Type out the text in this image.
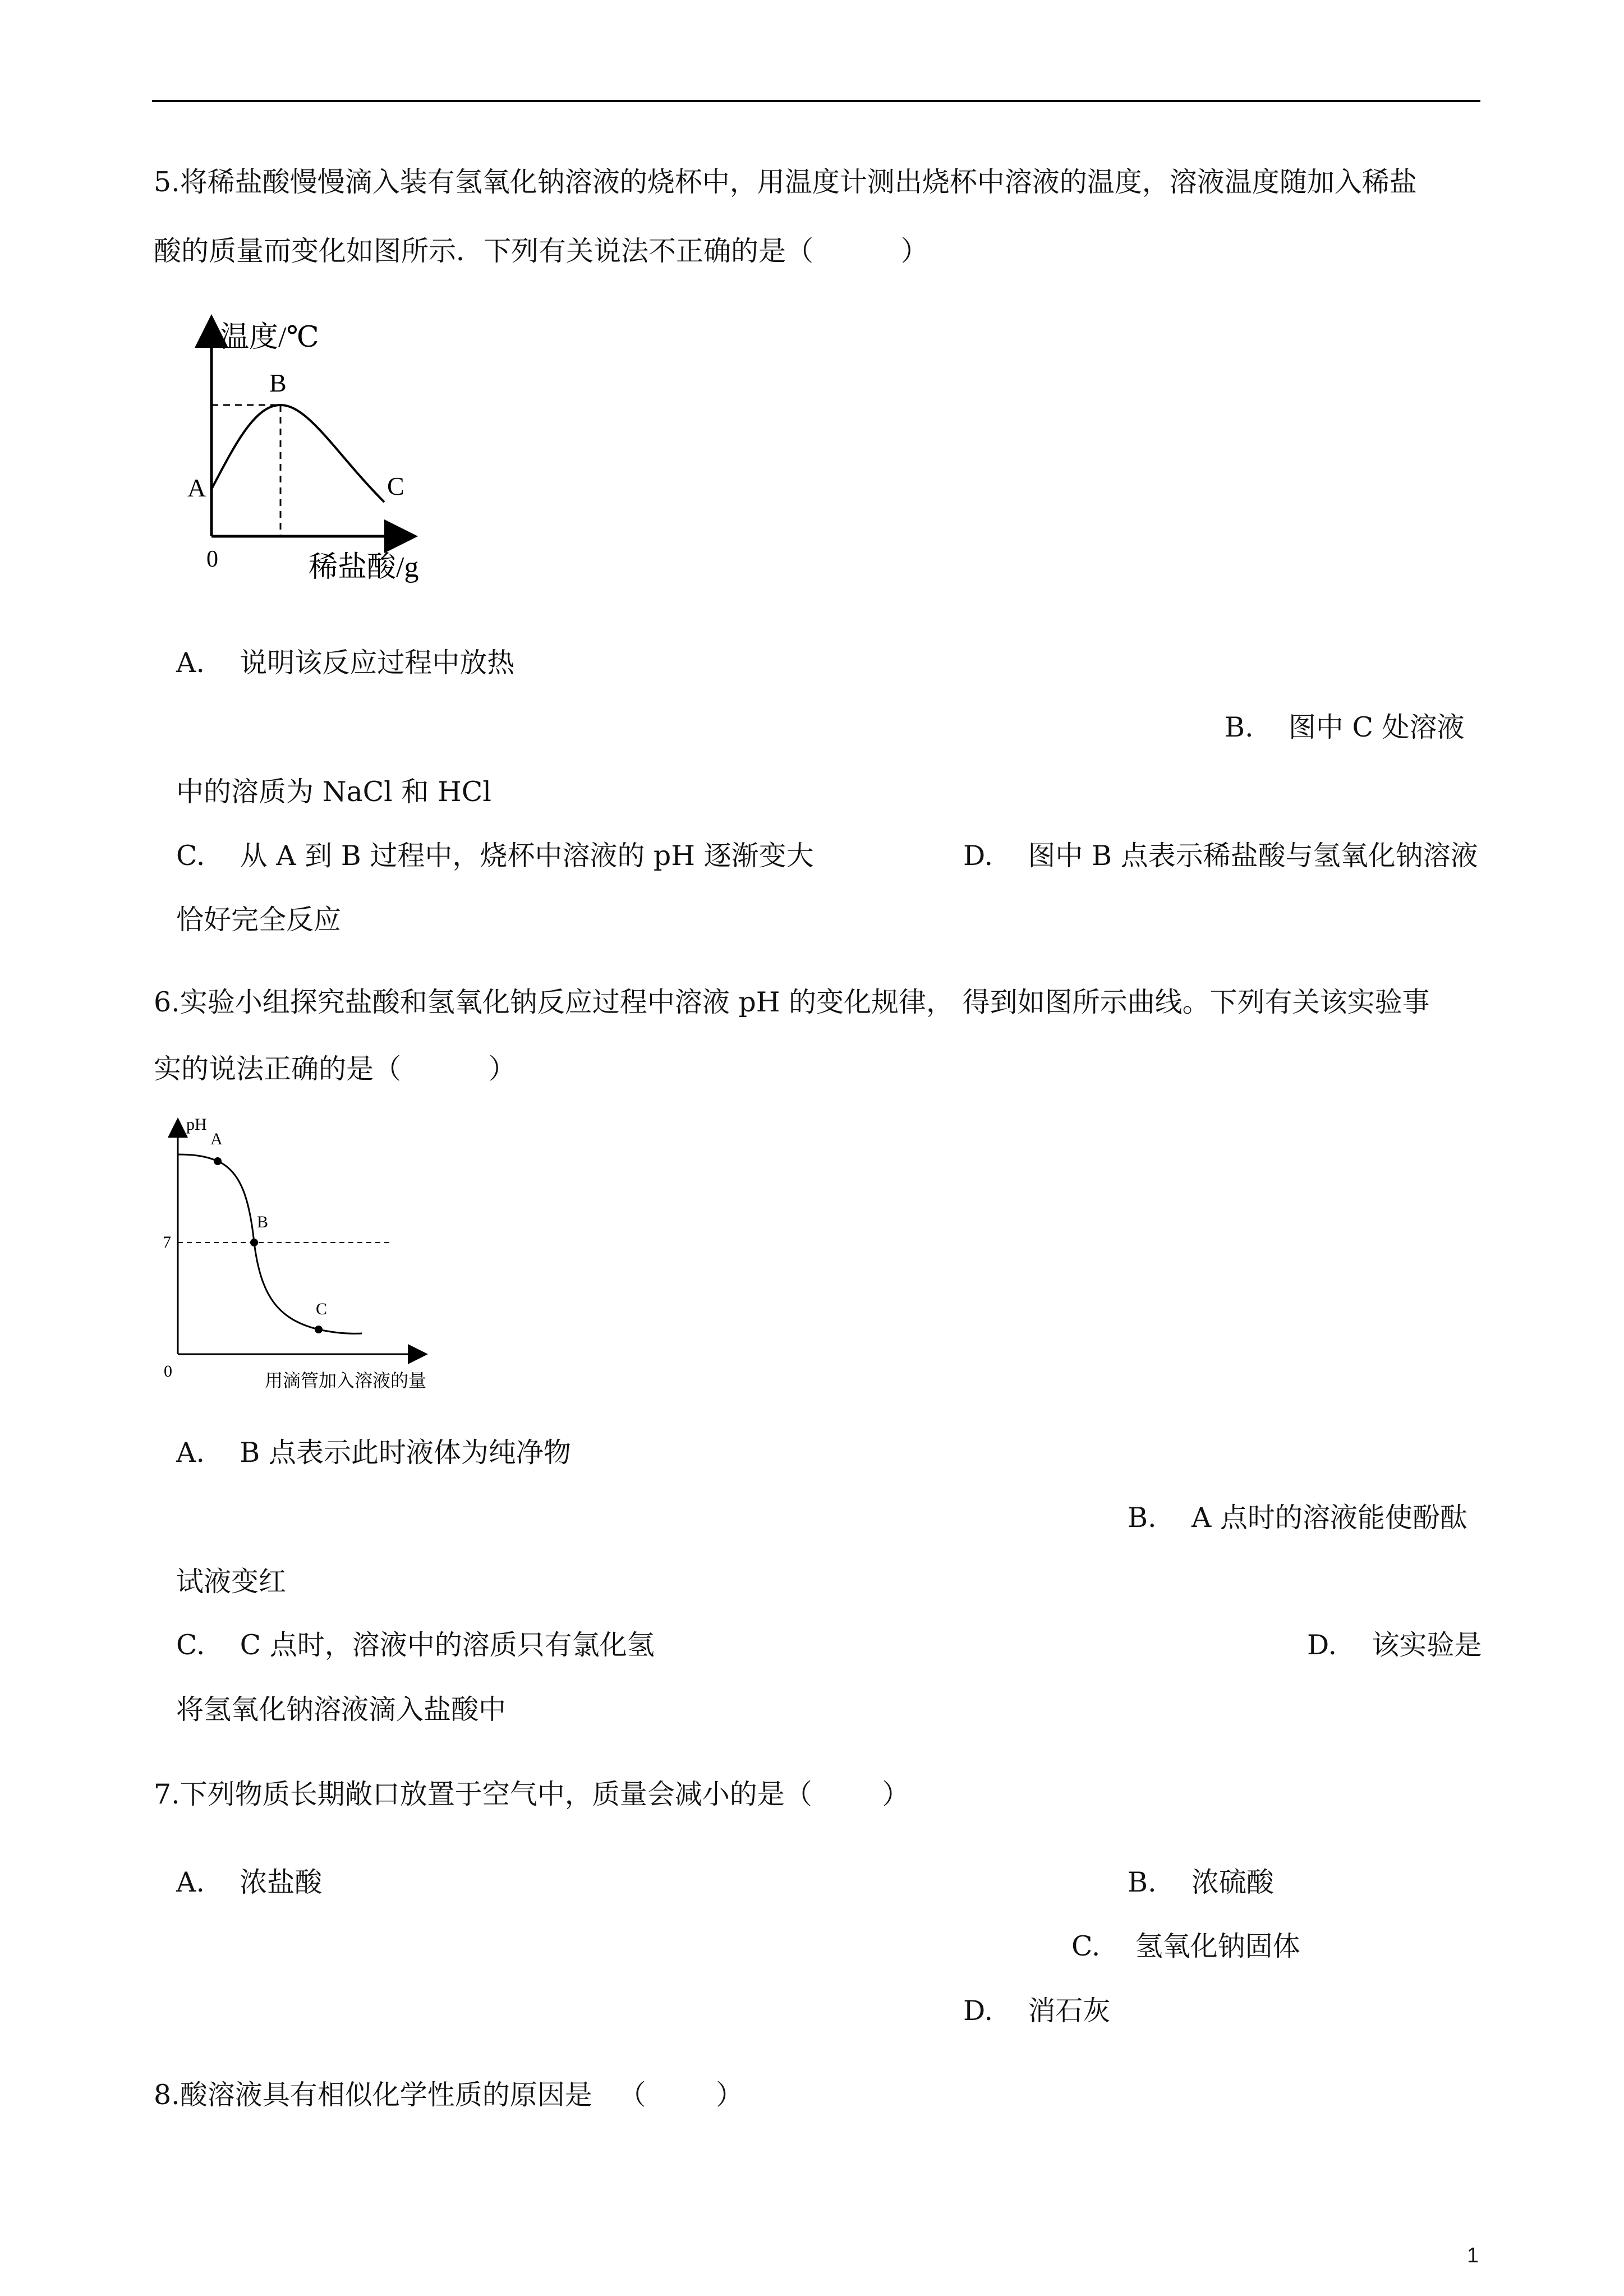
5.将稀盐酸慢慢滴入装有氢氧化钠溶液的烧杯中，用温度计测出烧杯中溶液的温度，溶液温度随加入稀盐
酸的质量而变化如图所示．下列有关说法不正确的是（          ）
温度/℃
B
A	C
0	稀盐酸/g
A.    说明该反应过程中放热
B.    图中 C 处溶液
中的溶质为 NaCl 和 HCl
C.    从 A 到 B 过程中，烧杯中溶液的 pH 逐渐变大	D.    图中 B 点表示稀盐酸与氢氧化钠溶液
恰好完全反应
6.实验小组探究盐酸和氢氧化钠反应过程中溶液 pH 的变化规律， 得到如图所示曲线。下列有关该实验事
实的说法正确的是（          ）
pH
A
B
C
7
0	用滴管加入溶液的量
A.    B 点表示此时液体为纯净物
B.    A 点时的溶液能使酚酞
试液变红
C.    C 点时，溶液中的溶质只有氯化氢	D.    该实验是
将氢氧化钠溶液滴入盐酸中
7.下列物质长期敞口放置于空气中，质量会减小的是（        ）
A.    浓盐酸	B.    浓硫酸
C.    氢氧化钠固体
D.    消石灰
8.酸溶液具有相似化学性质的原因是   （        ）
1
